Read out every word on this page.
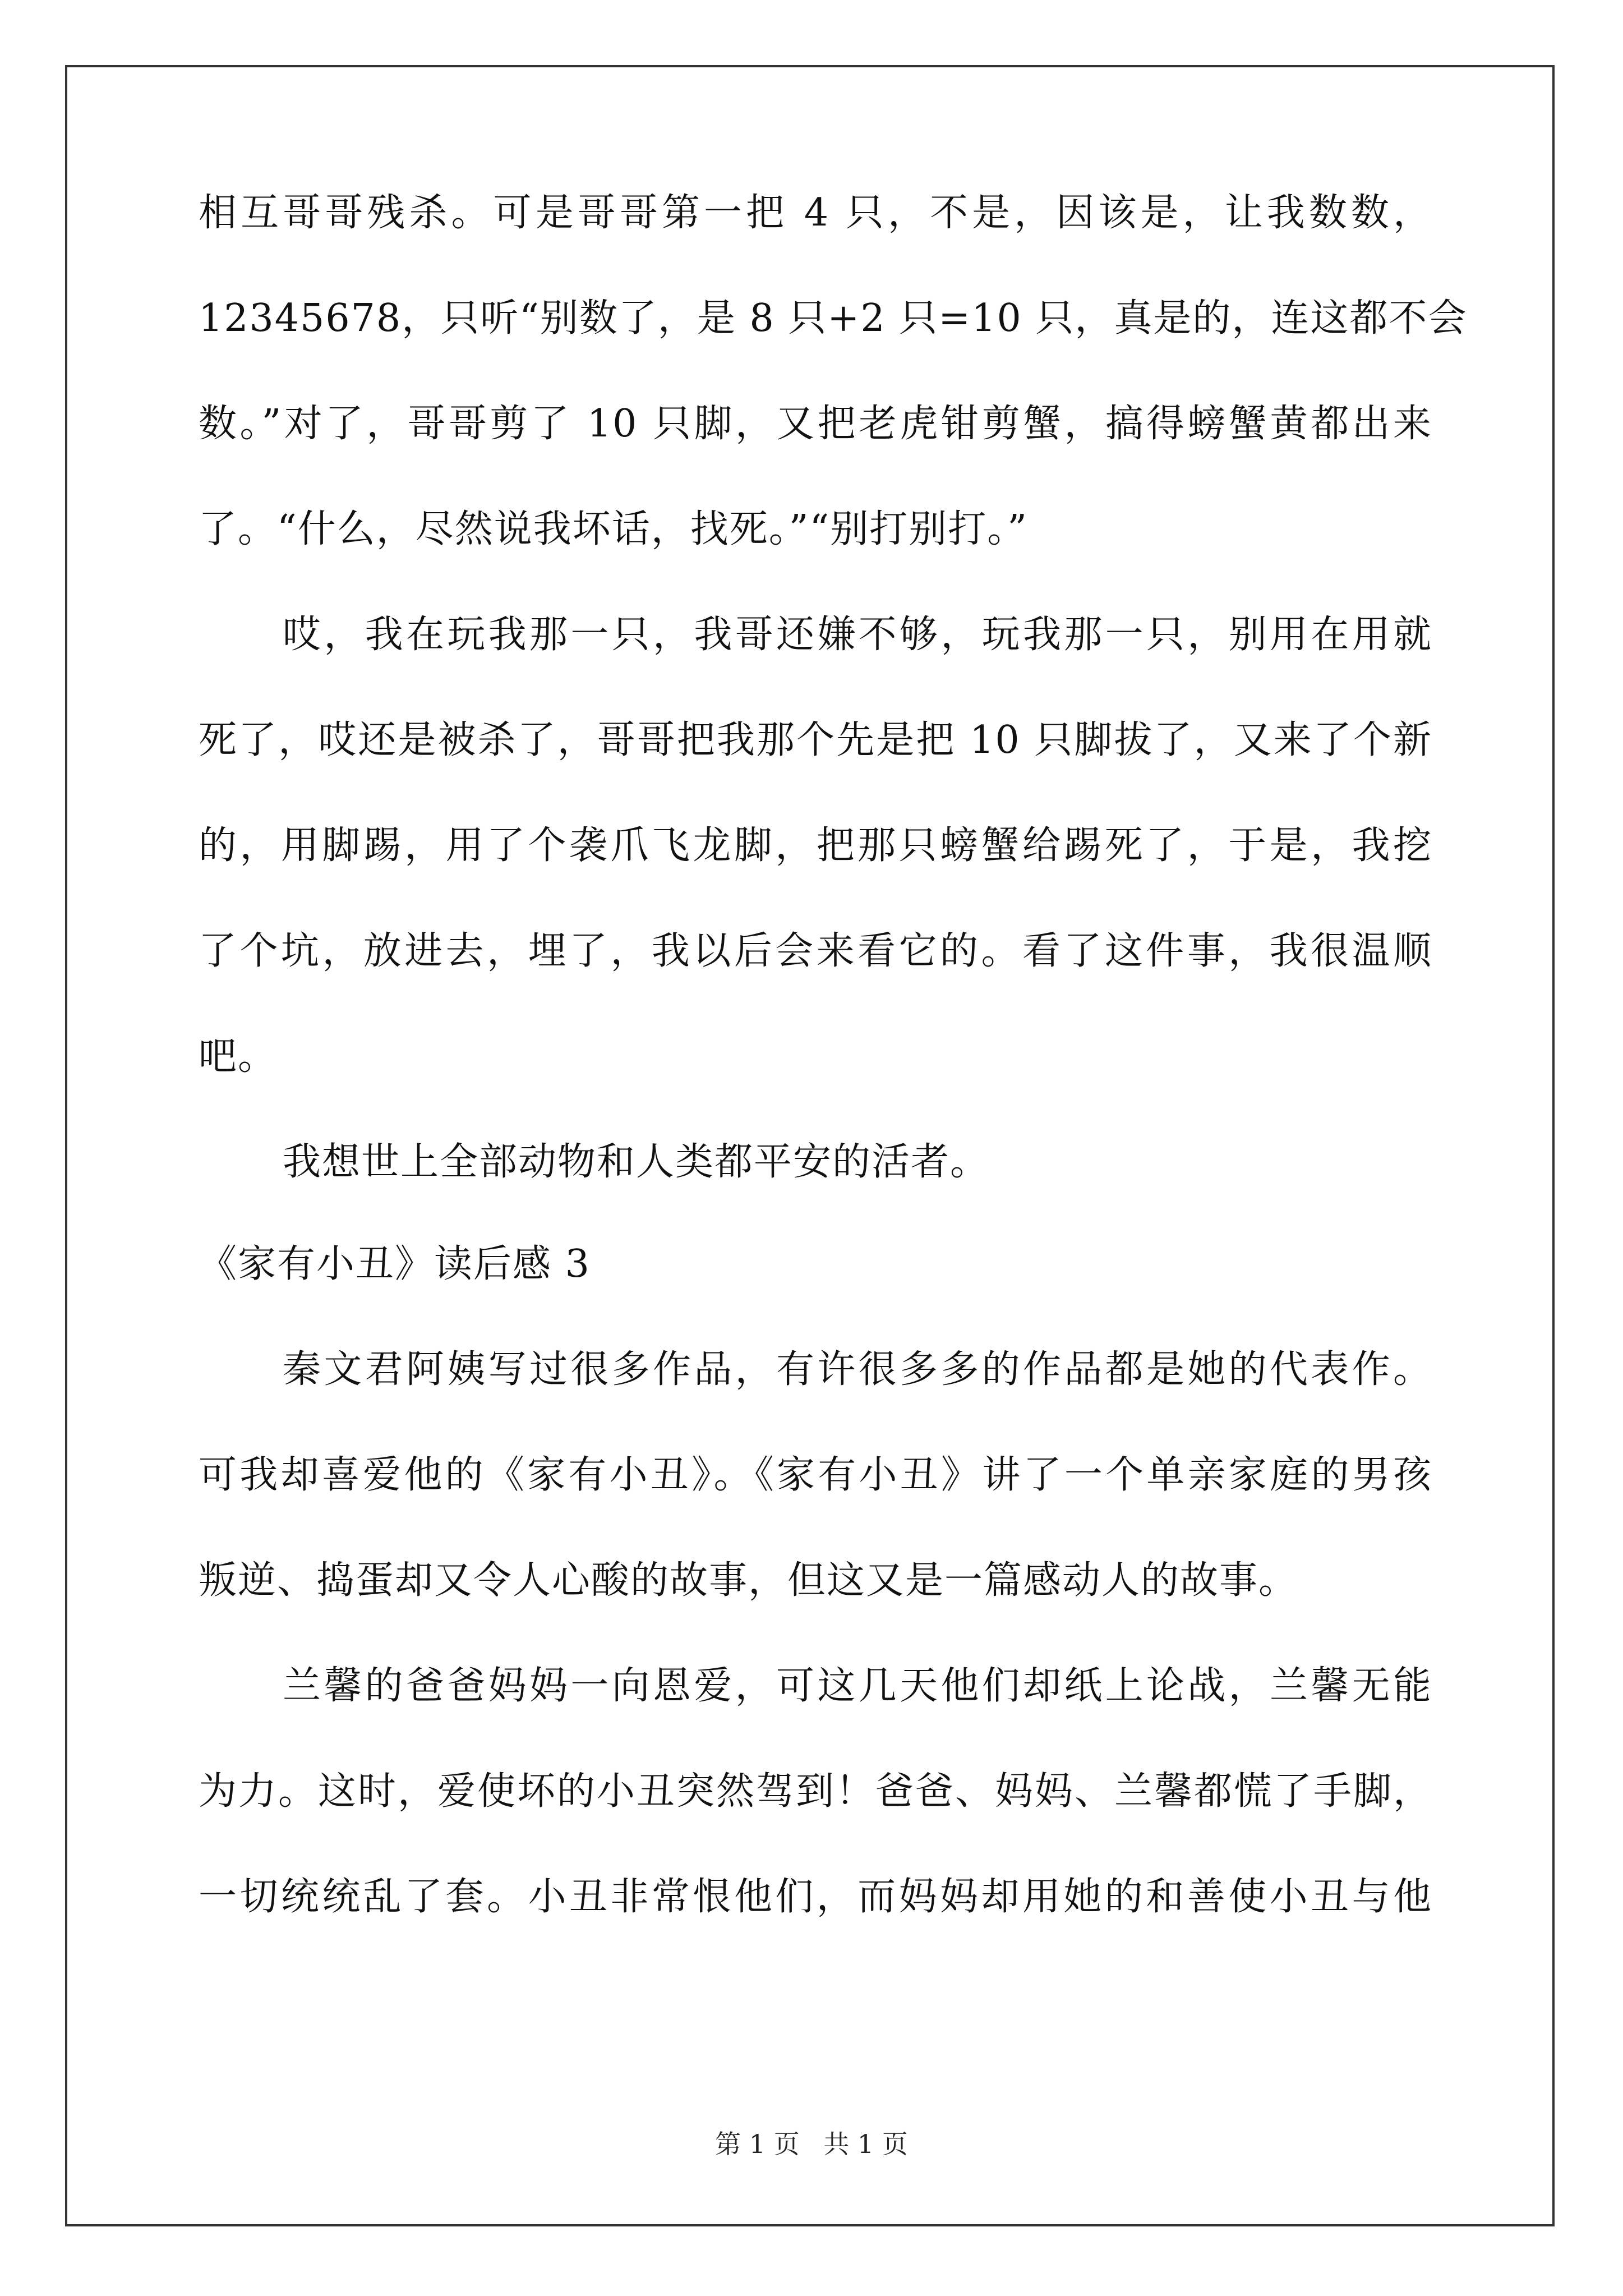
相互哥哥残杀。可是哥哥第一把 4 只，不是，因该是，让我数数，
12345678，只听“别数了，是 8 只+2 只=10 只，真是的，连这都不会
数。”对了，哥哥剪了 10 只脚，又把老虎钳剪蟹，搞得螃蟹黄都出来
了。“什么，尽然说我坏话，找死。”“别打别打。”
哎，我在玩我那一只，我哥还嫌不够，玩我那一只，别用在用就
死了，哎还是被杀了，哥哥把我那个先是把 10 只脚拔了，又来了个新
的，用脚踢，用了个袭爪飞龙脚，把那只螃蟹给踢死了，于是，我挖
了个坑，放进去，埋了，我以后会来看它的。看了这件事，我很温顺
吧。
我想世上全部动物和人类都平安的活者。
《家有小丑》读后感 3
秦文君阿姨写过很多作品，有许很多多的作品都是她的代表作。
可我却喜爱他的《家有小丑》。《家有小丑》讲了一个单亲家庭的男孩
叛逆、捣蛋却又令人心酸的故事，但这又是一篇感动人的故事。
兰馨的爸爸妈妈一向恩爱，可这几天他们却纸上论战，兰馨无能
为力。这时，爱使坏的小丑突然驾到！爸爸、妈妈、兰馨都慌了手脚，
一切统统乱了套。小丑非常恨他们，而妈妈却用她的和善使小丑与他
第 1 页 共 1 页
